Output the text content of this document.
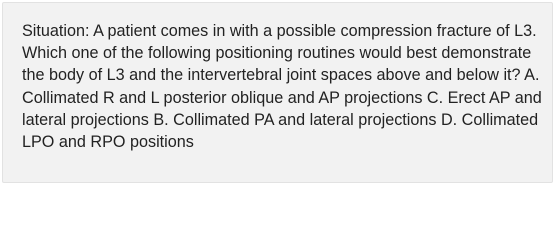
Situation: A patient comes in with a possible compression fracture of L3. Which one of the following positioning routines would best demonstrate the body of L3 and the intervertebral joint spaces above and below it? A. Collimated R and L posterior oblique and AP projections C. Erect AP and lateral projections B. Collimated PA and lateral projections D. Collimated LPO and RPO positions
